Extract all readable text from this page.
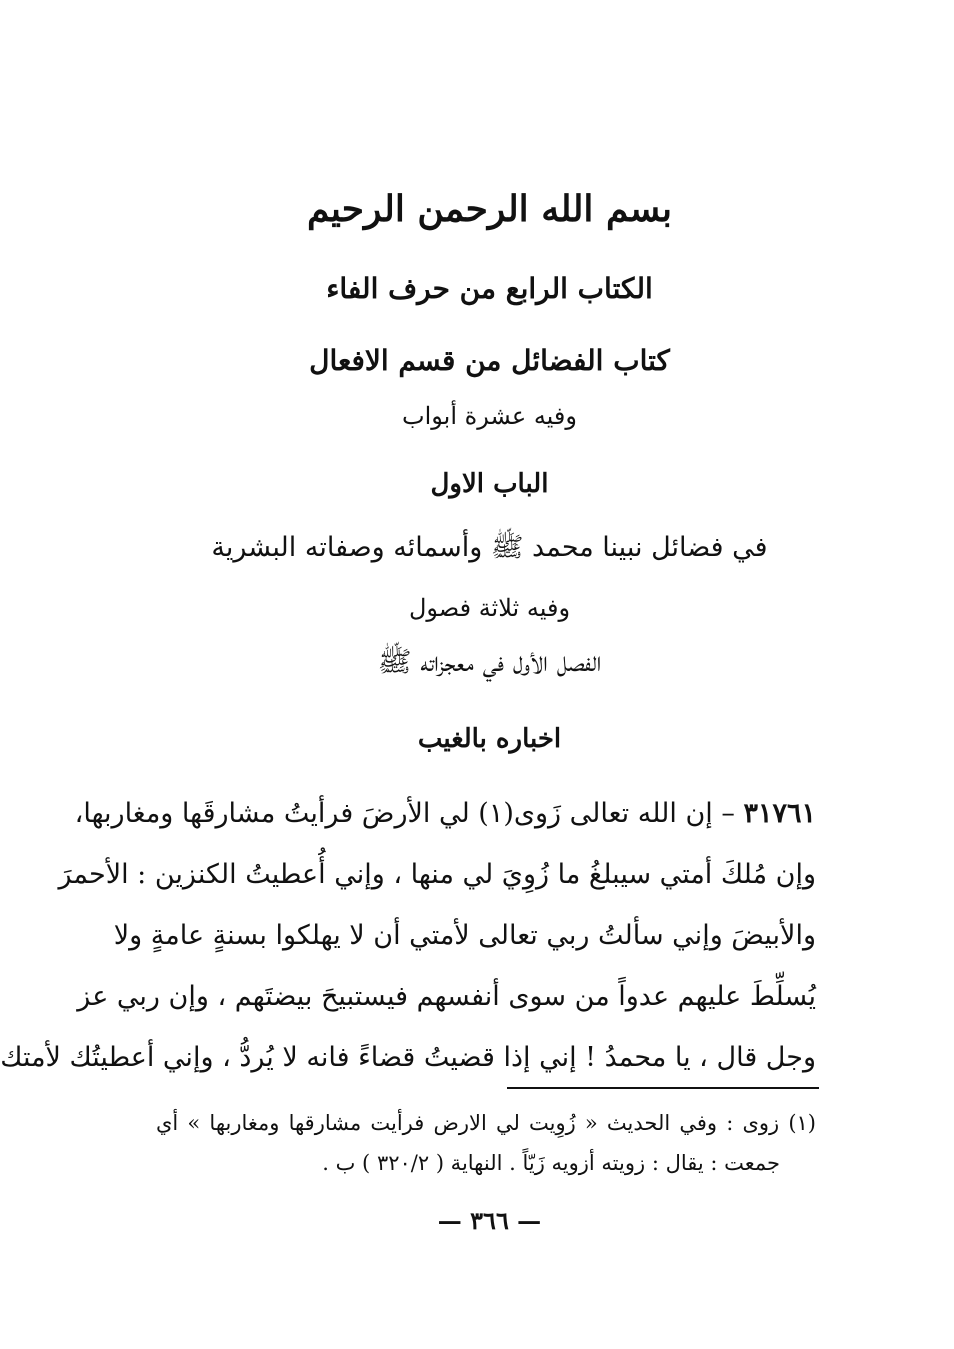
بسم الله الرحمن الرحيم
الكتاب الرابع من حرف الفاء
كتاب الفضائل من قسم الافعال
وفيه عشرة أبواب
الباب الاول
في فضائل نبينا محمد ﷺ وأسمائه وصفاته البشرية
وفيه ثلاثة فصول
الفصل الأول في معجزاته ﷺ
اخباره بالغيب
٣١٧٦١ – إن الله تعالى زَوى(١) لي الأرضَ فرأيتُ مشارقَها ومغاربها،
وإن مُلكَ أمتي سيبلغُ ما زُوِيَ لي منها ، وإني أُعطيتُ الكنزين : الأحمرَ
والأبيضَ وإني سألتُ ربي تعالى لأمتي أن لا يهلكوا بسنةٍ عامةٍ ولا
يُسلِّطَ عليهم عدواً من سوى أنفسهم فيستبيحَ بيضتَهم ، وإن ربي عز
وجل قال ، يا محمدُ ! إني إذا قضيتُ قضاءً فانه لا يُردُّ ، وإني أعطيتُك لأمتك
(١) زوى : وفي الحديث « زُوِيت لي الارض فرأيت مشارقها ومغاربها » أي
جمعت : يقال : زويته أزويه زَيّاً . النهاية ( ٣٢٠/٢ ) ب .
— ٣٦٦ —
